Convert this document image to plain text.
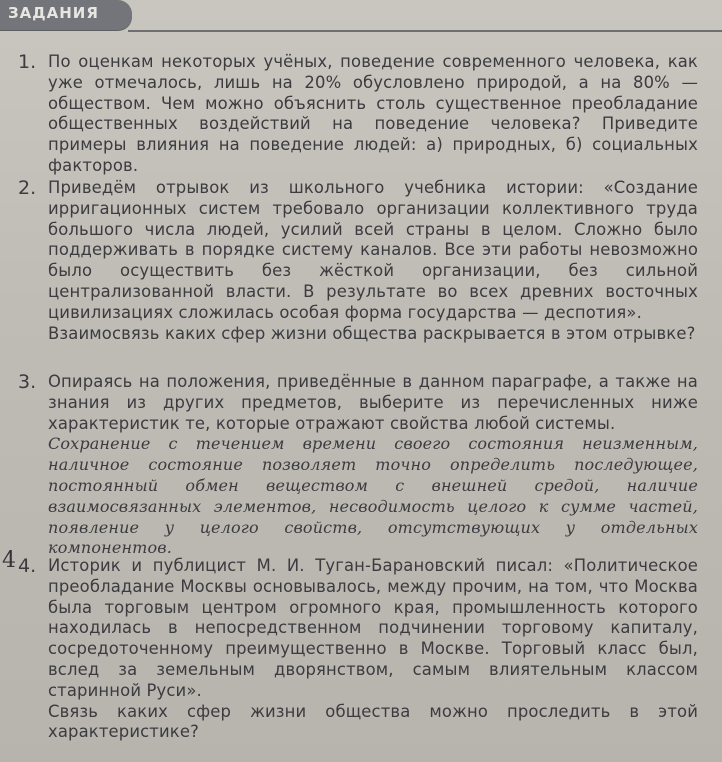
ЗАДАНИЯ
1. По оценкам некоторых учёных, поведение современного человека, как уже отмечалось, лишь на 20% обусловлено природой, а на 80% — обществом. Чем можно объяснить столь существенное преобладание общественных воздействий на поведение человека? Приведите примеры влияния на поведение людей: а) природных, б) социальных факторов.

2. Приведём отрывок из школьного учебника истории: «Создание ирригационных систем требовало организации коллективного труда большого числа людей, усилий всей страны в целом. Сложно было поддерживать в порядке систему каналов. Все эти работы невозможно было осуществить без жёсткой организации, без сильной централизованной власти. В результате во всех древних восточных цивилизациях сложилась особая форма государства — деспотия».

Взаимосвязь каких сфер жизни общества раскрывается в этом отрывке?

3. Опираясь на положения, приведённые в данном параграфе, а также на знания из других предметов, выберите из перечисленных ниже характеристик те, которые отражают свойства любой системы.

Сохранение с течением времени своего состояния неизменным, наличное состояние позволяет точно определить последующее, постоянный обмен веществом с внешней средой, наличие взаимосвязанных элементов, несводимость целого к сумме частей, появление у целого свойств, отсутствующих у отдельных компонентов.

4. Историк и публицист М. И. Туган-Барановский писал: «Политическое преобладание Москвы основывалось, между прочим, на том, что Москва была торговым центром огромного края, промышленность которого находилась в непосредственном подчинении торговому капиталу, сосредоточенному преимущественно в Москве. Торговый класс был, вслед за земельным дворянством, самым влиятельным классом старинной Руси».

Связь каких сфер жизни общества можно проследить в этой характеристике?

4
